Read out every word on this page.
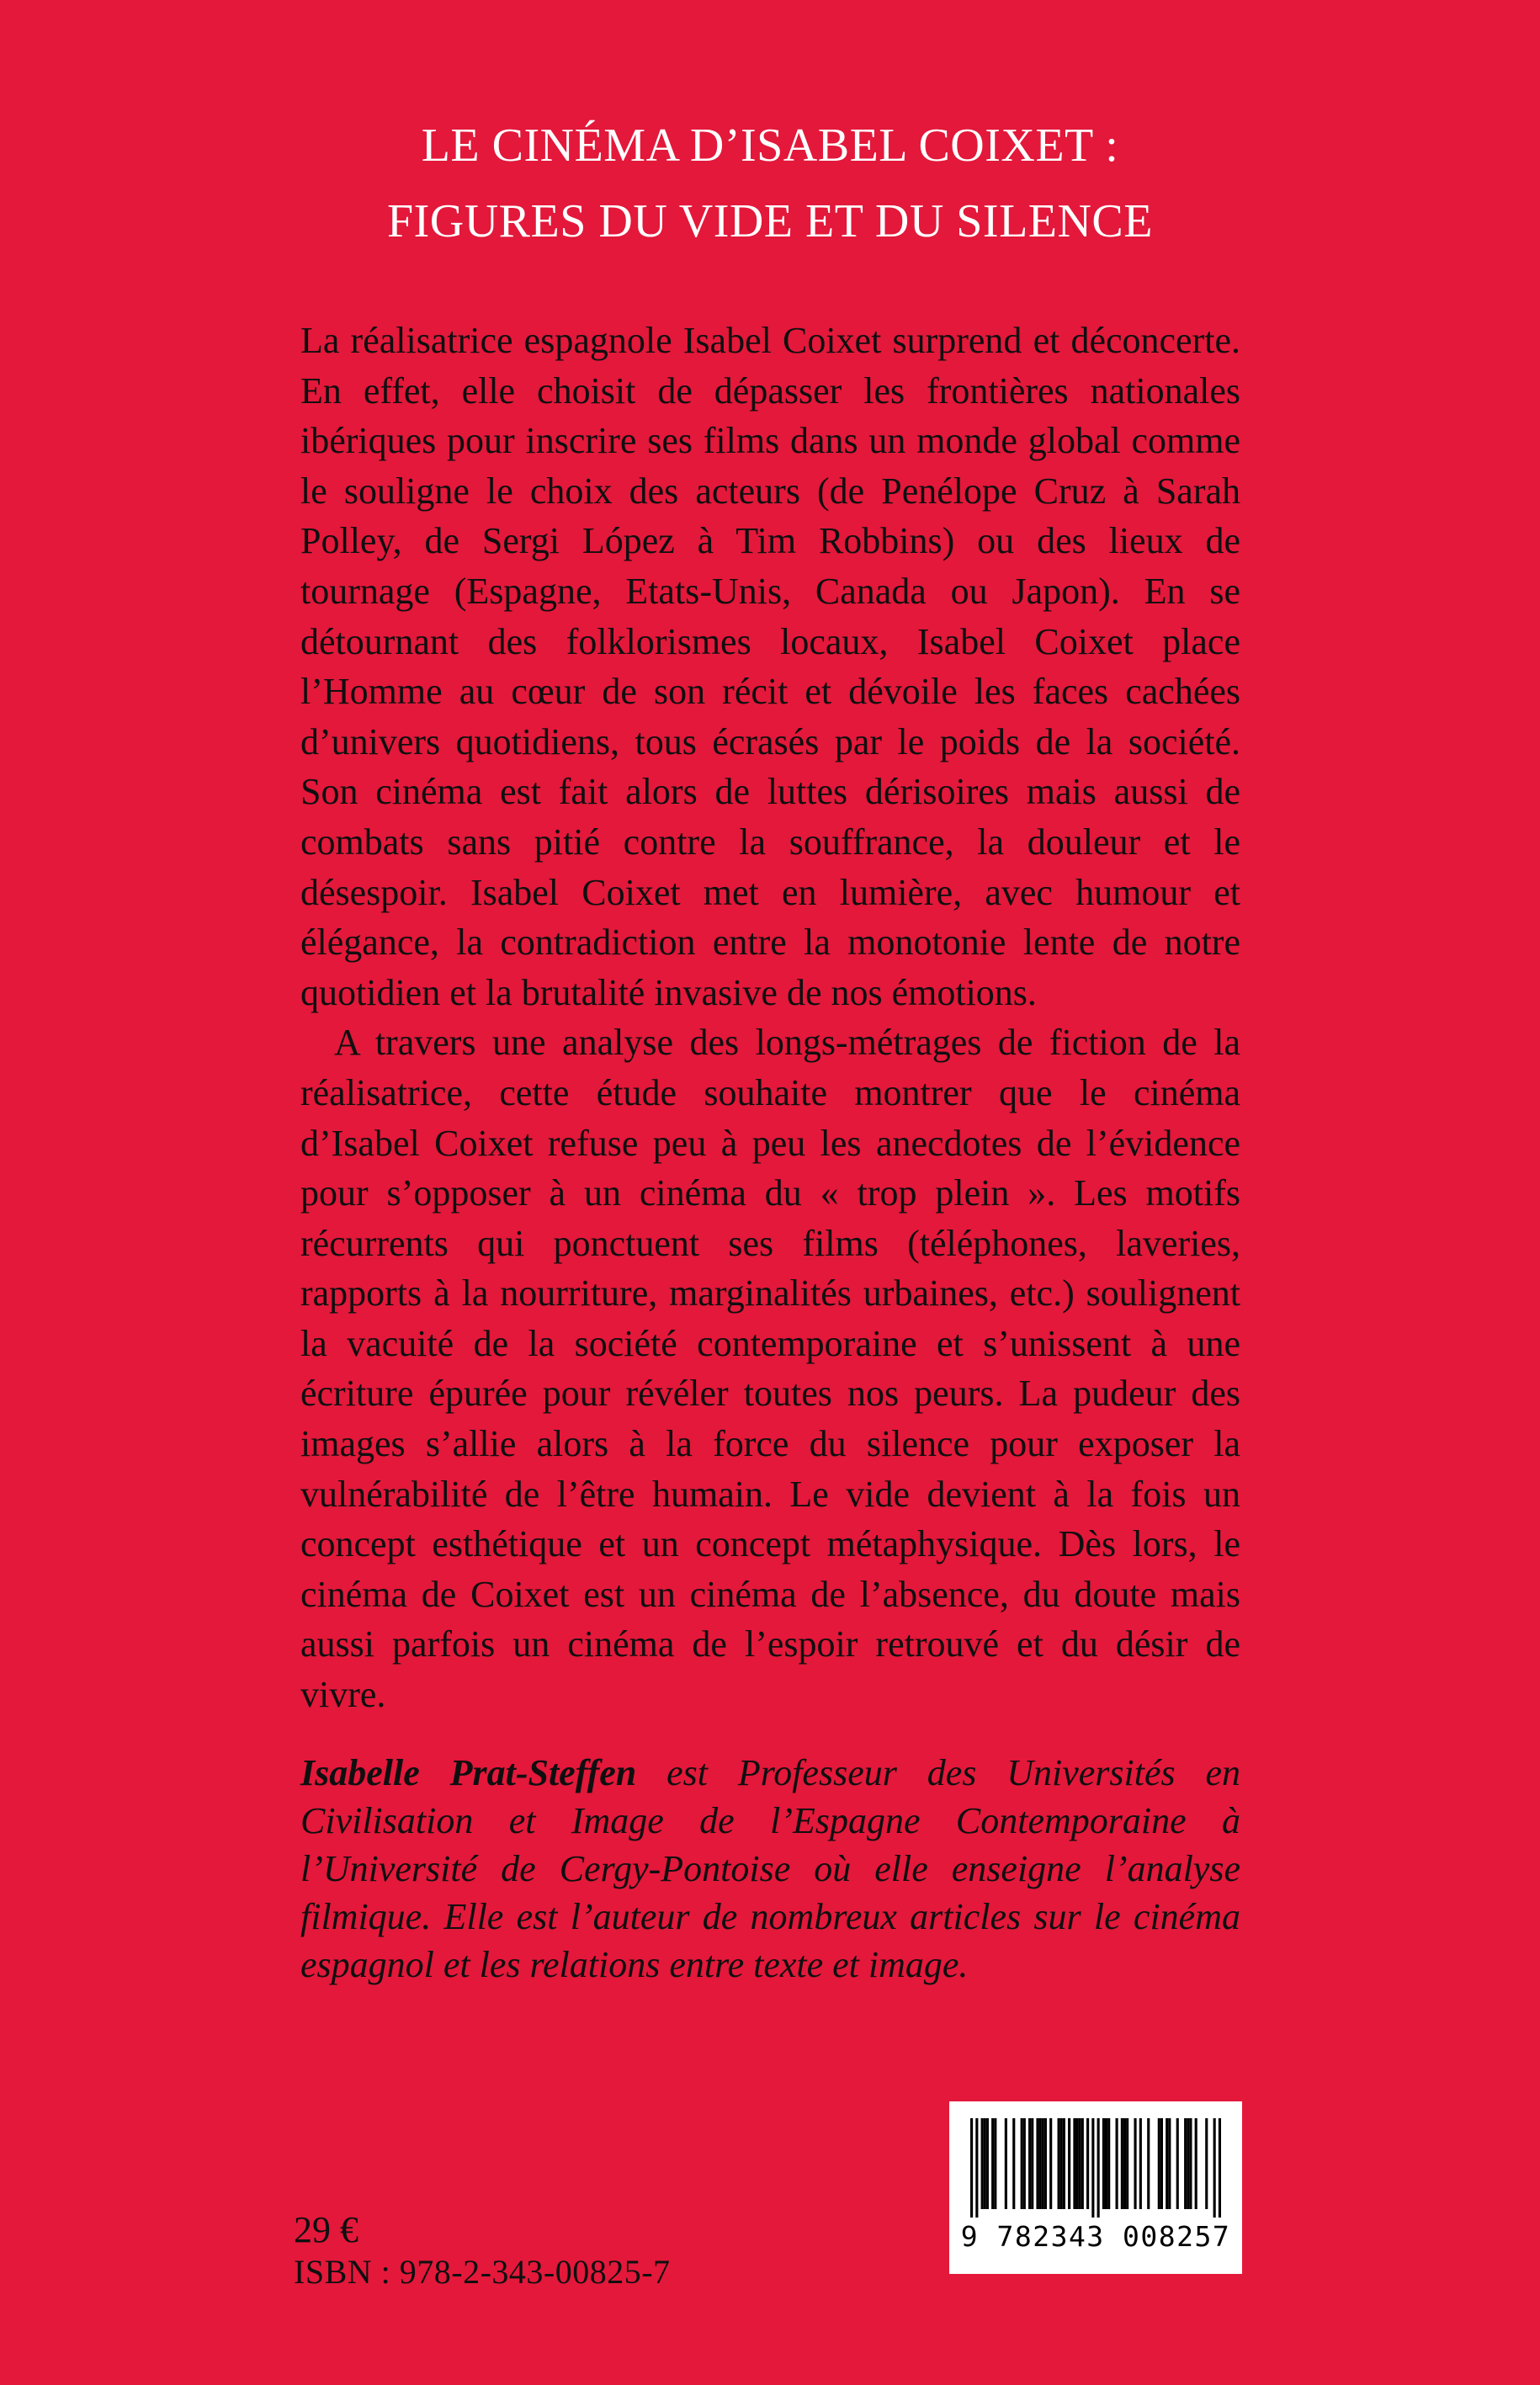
LE CINÉMA D’ISABEL COIXET :
FIGURES DU VIDE ET DU SILENCE

La réalisatrice espagnole Isabel Coixet surprend et déconcerte. En effet, elle choisit de dépasser les frontières nationales ibériques pour inscrire ses films dans un monde global comme le souligne le choix des acteurs (de Penélope Cruz à Sarah Polley, de Sergi López à Tim Robbins) ou des lieux de tournage (Espagne, Etats-Unis, Canada ou Japon). En se détournant des folklorismes locaux, Isabel Coixet place l’Homme au cœur de son récit et dévoile les faces cachées d’univers quotidiens, tous écrasés par le poids de la société. Son cinéma est fait alors de luttes dérisoires mais aussi de combats sans pitié contre la souffrance, la douleur et le désespoir. Isabel Coixet met en lumière, avec humour et élégance, la contradiction entre la monotonie lente de notre quotidien et la brutalité invasive de nos émotions.

A travers une analyse des longs-métrages de fiction de la réalisatrice, cette étude souhaite montrer que le cinéma d’Isabel Coixet refuse peu à peu les anecdotes de l’évidence pour s’opposer à un cinéma du « trop plein ». Les motifs récurrents qui ponctuent ses films (téléphones, laveries, rapports à la nourriture, marginalités urbaines, etc.) soulignent la vacuité de la société contemporaine et s’unissent à une écriture épurée pour révéler toutes nos peurs. La pudeur des images s’allie alors à la force du silence pour exposer la vulnérabilité de l’être humain. Le vide devient à la fois un concept esthétique et un concept métaphysique. Dès lors, le cinéma de Coixet est un cinéma de l’absence, du doute mais aussi parfois un cinéma de l’espoir retrouvé et du désir de vivre.

Isabelle Prat-Steffen est Professeur des Universités en Civilisation et Image de l’Espagne Contemporaine à l’Université de Cergy-Pontoise où elle enseigne l’analyse filmique. Elle est l’auteur de nombreux articles sur le cinéma espagnol et les relations entre texte et image.

29 €
ISBN : 978-2-343-00825-7
9 782343 008257
